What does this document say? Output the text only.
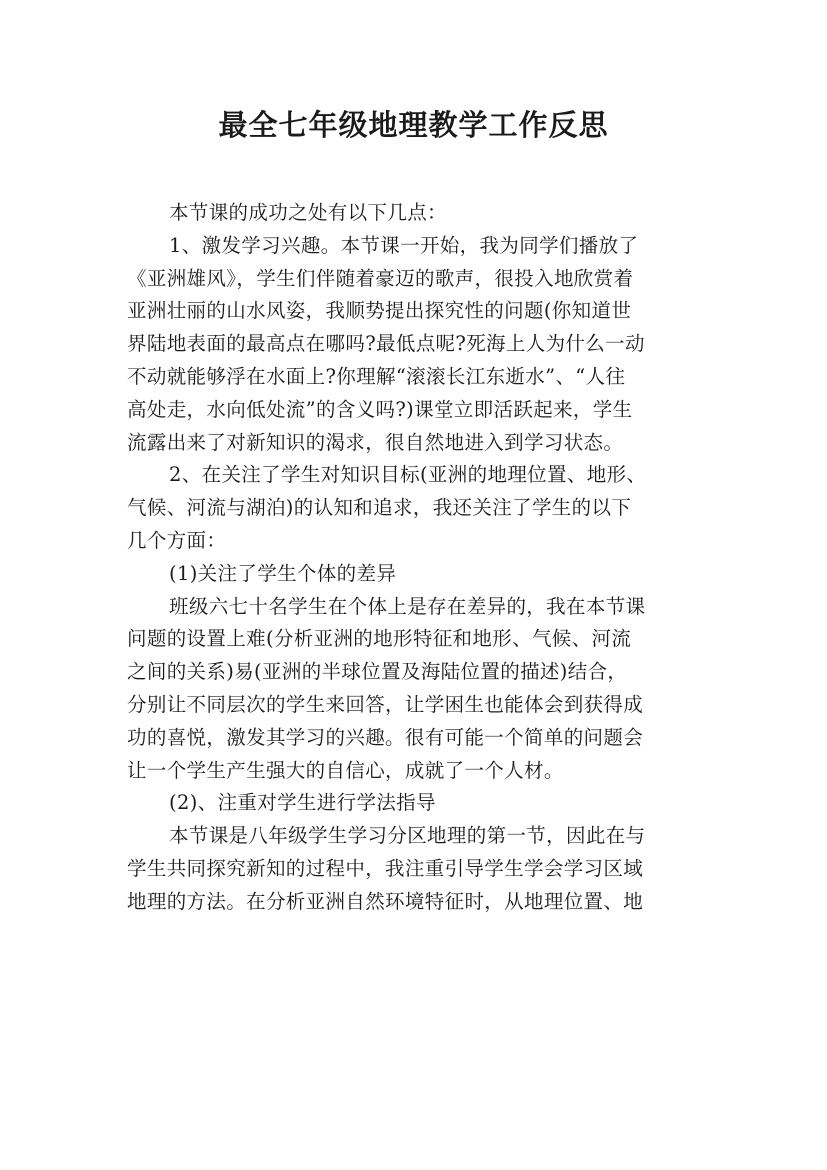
最全七年级地理教学工作反思
本节课的成功之处有以下几点：
1、激发学习兴趣。本节课一开始，我为同学们播放了
《亚洲雄风》，学生们伴随着豪迈的歌声，很投入地欣赏着
亚洲壮丽的山水风姿，我顺势提出探究性的问题(你知道世
界陆地表面的最高点在哪吗?最低点呢?死海上人为什么一动
不动就能够浮在水面上?你理解“滚滚长江东逝水”、“人往
高处走，水向低处流”的含义吗?)课堂立即活跃起来，学生
流露出来了对新知识的渴求，很自然地进入到学习状态。
2、在关注了学生对知识目标(亚洲的地理位置、地形、
气候、河流与湖泊)的认知和追求，我还关注了学生的以下
几个方面：
(1)关注了学生个体的差异
班级六七十名学生在个体上是存在差异的，我在本节课
问题的设置上难(分析亚洲的地形特征和地形、气候、河流
之间的关系)易(亚洲的半球位置及海陆位置的描述)结合，
分别让不同层次的学生来回答，让学困生也能体会到获得成
功的喜悦，激发其学习的兴趣。很有可能一个简单的问题会
让一个学生产生强大的自信心，成就了一个人材。
(2)、注重对学生进行学法指导
本节课是八年级学生学习分区地理的第一节，因此在与
学生共同探究新知的过程中，我注重引导学生学会学习区域
地理的方法。在分析亚洲自然环境特征时，从地理位置、地
